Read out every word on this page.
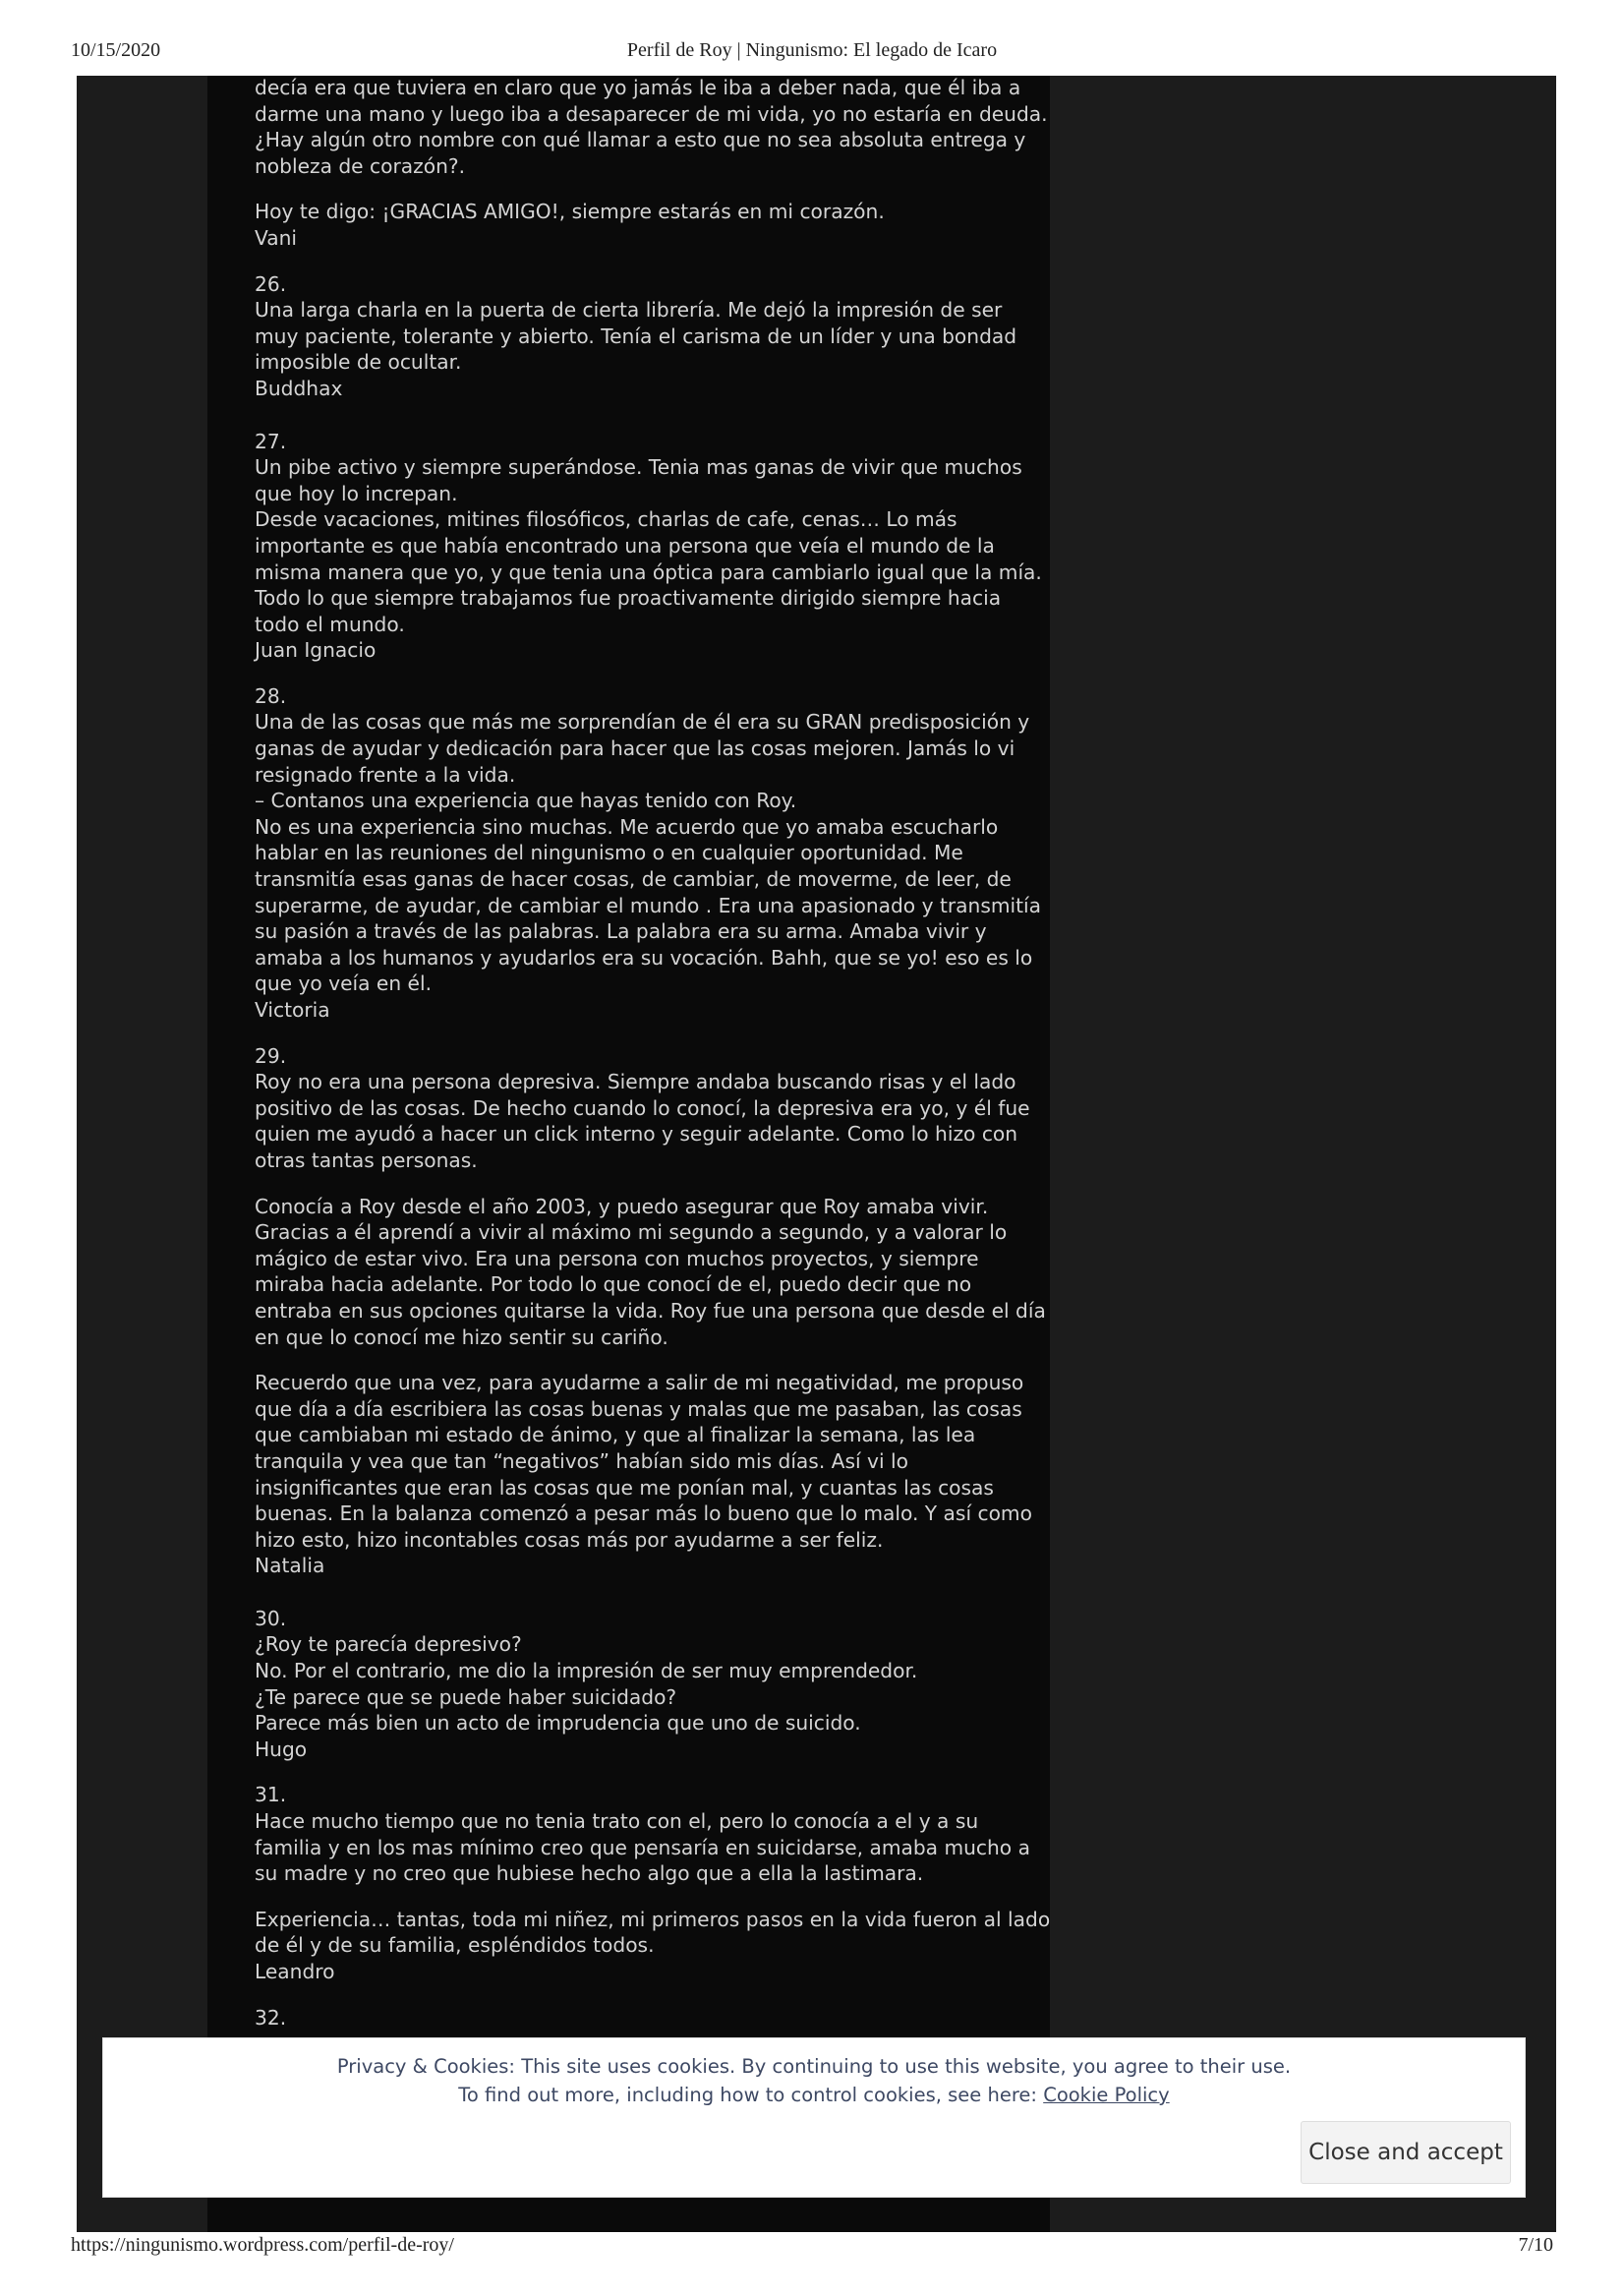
10/15/2020	Perfil de Roy | Ningunismo: El legado de Icaro

decía era que tuviera en claro que yo jamás le iba a deber nada, que él iba a

darme una mano y luego iba a desaparecer de mi vida, yo no estaría en deuda.

¿Hay algún otro nombre con qué llamar a esto que no sea absoluta entrega y

nobleza de corazón?.

Hoy te digo: ¡GRACIAS AMIGO!, siempre estarás en mi corazón.

Vani

26.

Una larga charla en la puerta de cierta librería. Me dejó la impresión de ser

muy paciente, tolerante y abierto. Tenía el carisma de un líder y una bondad

imposible de ocultar.

Buddhax

27.

Un pibe activo y siempre superándose. Tenia mas ganas de vivir que muchos

que hoy lo increpan.

Desde vacaciones, mitines filosóficos, charlas de cafe, cenas… Lo más

importante es que había encontrado una persona que veía el mundo de la

misma manera que yo, y que tenia una óptica para cambiarlo igual que la mía.

Todo lo que siempre trabajamos fue proactivamente dirigido siempre hacia

todo el mundo.

Juan Ignacio

28.

Una de las cosas que más me sorprendían de él era su GRAN predisposición y

ganas de ayudar y dedicación para hacer que las cosas mejoren. Jamás lo vi

resignado frente a la vida.

– Contanos una experiencia que hayas tenido con Roy.

No es una experiencia sino muchas. Me acuerdo que yo amaba escucharlo

hablar en las reuniones del ningunismo o en cualquier oportunidad. Me

transmitía esas ganas de hacer cosas, de cambiar, de moverme, de leer, de

superarme, de ayudar, de cambiar el mundo . Era una apasionado y transmitía

su pasión a través de las palabras. La palabra era su arma. Amaba vivir y

amaba a los humanos y ayudarlos era su vocación. Bahh, que se yo! eso es lo

que yo veía en él.

Victoria

29.

Roy no era una persona depresiva. Siempre andaba buscando risas y el lado

positivo de las cosas. De hecho cuando lo conocí, la depresiva era yo, y él fue

quien me ayudó a hacer un click interno y seguir adelante. Como lo hizo con

otras tantas personas.

Conocía a Roy desde el año 2003, y puedo asegurar que Roy amaba vivir.

Gracias a él aprendí a vivir al máximo mi segundo a segundo, y a valorar lo

mágico de estar vivo. Era una persona con muchos proyectos, y siempre

miraba hacia adelante. Por todo lo que conocí de el, puedo decir que no

entraba en sus opciones quitarse la vida. Roy fue una persona que desde el día

en que lo conocí me hizo sentir su cariño.

Recuerdo que una vez, para ayudarme a salir de mi negatividad, me propuso

que día a día escribiera las cosas buenas y malas que me pasaban, las cosas

que cambiaban mi estado de ánimo, y que al finalizar la semana, las lea

tranquila y vea que tan “negativos” habían sido mis días. Así vi lo

insignificantes que eran las cosas que me ponían mal, y cuantas las cosas

buenas. En la balanza comenzó a pesar más lo bueno que lo malo. Y así como

hizo esto, hizo incontables cosas más por ayudarme a ser feliz.

Natalia

30.

¿Roy te parecía depresivo?

No. Por el contrario, me dio la impresión de ser muy emprendedor.

¿Te parece que se puede haber suicidado?

Parece más bien un acto de imprudencia que uno de suicido.

Hugo

31.

Hace mucho tiempo que no tenia trato con el, pero lo conocía a el y a su

familia y en los mas mínimo creo que pensaría en suicidarse, amaba mucho a

su madre y no creo que hubiese hecho algo que a ella la lastimara.

Experiencia… tantas, toda mi niñez, mi primeros pasos en la vida fueron al lado

de él y de su familia, espléndidos todos.

Leandro

32.

Privacy & Cookies: This site uses cookies. By continuing to use this website, you agree to their use.
To find out more, including how to control cookies, see here: Cookie Policy
Close and accept
https://ningunismo.wordpress.com/perfil-de-roy/	7/10
